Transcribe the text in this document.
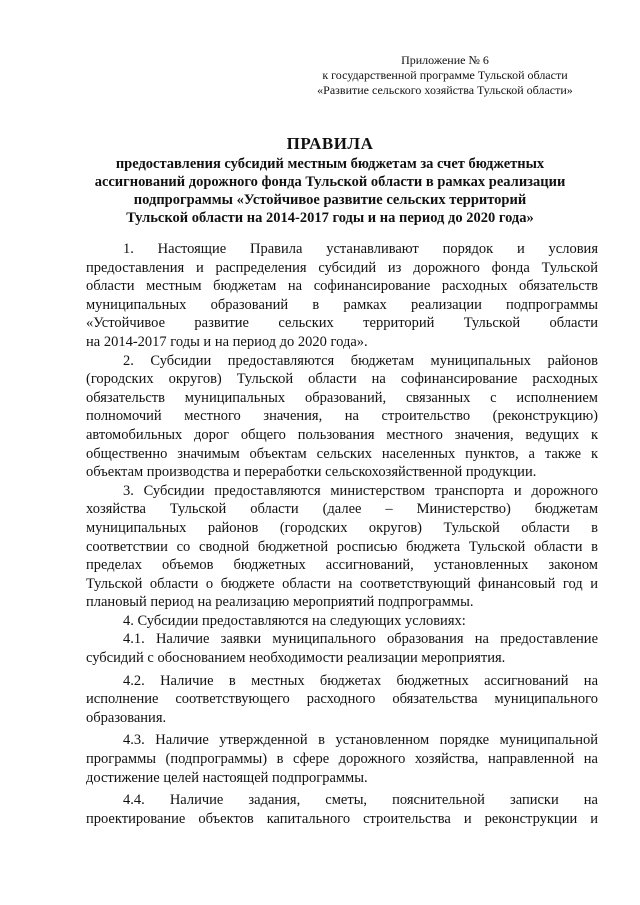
Приложение № 6
к государственной программе Тульской области
«Развитие сельского хозяйства Тульской области»
ПРАВИЛА
предоставления субсидий местным бюджетам за счет бюджетных
ассигнований дорожного фонда Тульской области в рамках реализации
подпрограммы «Устойчивое развитие сельских территорий
Тульской области на 2014-2017 годы и на период до 2020 года»
1. Настоящие Правила устанавливают порядок и условия
предоставления и распределения субсидий из дорожного фонда Тульской
области местным бюджетам на софинансирование расходных обязательств
муниципальных образований в рамках реализации подпрограммы
«Устойчивое развитие сельских территорий Тульской области
на 2014-2017 годы и на период до 2020 года».
2. Субсидии предоставляются бюджетам муниципальных районов
(городских округов) Тульской области на софинансирование расходных
обязательств муниципальных образований, связанных с исполнением
полномочий местного значения, на строительство (реконструкцию)
автомобильных дорог общего пользования местного значения, ведущих к
общественно значимым объектам сельских населенных пунктов, а также к
объектам производства и переработки сельскохозяйственной продукции.
3. Субсидии предоставляются министерством транспорта и дорожного
хозяйства Тульской области (далее – Министерство) бюджетам
муниципальных районов (городских округов) Тульской области в
соответствии со сводной бюджетной росписью бюджета Тульской области в
пределах объемов бюджетных ассигнований, установленных законом
Тульской области о бюджете области на соответствующий финансовый год и
плановый период на реализацию мероприятий подпрограммы.
4. Субсидии предоставляются на следующих условиях:
4.1. Наличие заявки муниципального образования на предоставление
субсидий с обоснованием необходимости реализации мероприятия.
4.2. Наличие в местных бюджетах бюджетных ассигнований на
исполнение соответствующего расходного обязательства муниципального
образования.
4.3. Наличие утвержденной в установленном порядке муниципальной
программы (подпрограммы) в сфере дорожного хозяйства, направленной на
достижение целей настоящей подпрограммы.
4.4. Наличие задания, сметы, пояснительной записки на
проектирование объектов капитального строительства и реконструкции и
